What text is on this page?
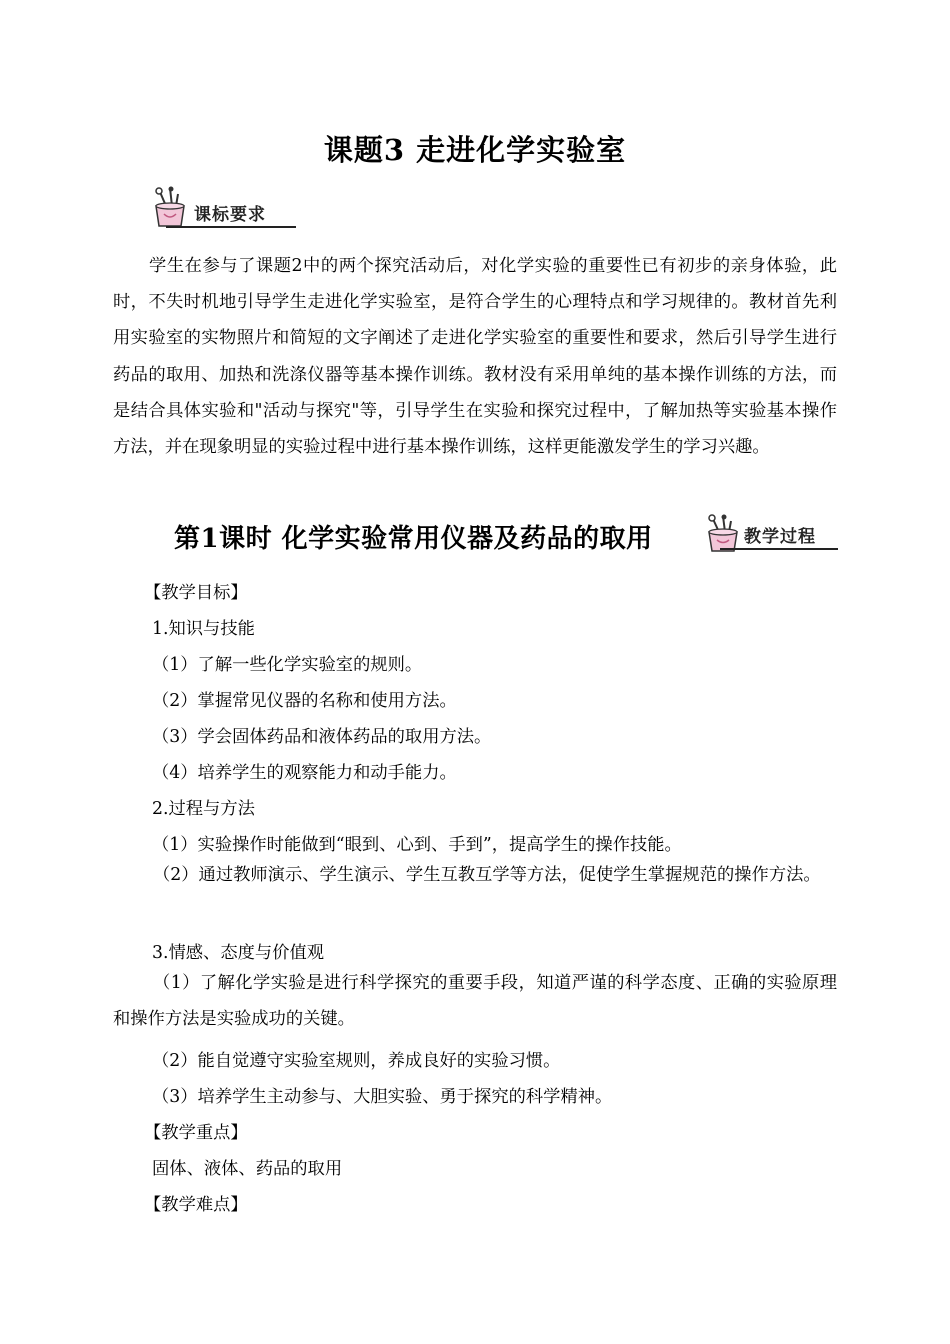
课题3 走进化学实验室
课标要求

学生在参与了课题2中的两个探究活动后，对化学实验的重要性已有初步的亲身体验，此时，不失时机地引导学生走进化学实验室，是符合学生的心理特点和学习规律的。教材首先利用实验室的实物照片和简短的文字阐述了走进化学实验室的重要性和要求，然后引导学生进行药品的取用、加热和洗涤仪器等基本操作训练。教材没有采用单纯的基本操作训练的方法，而是结合具体实验和"活动与探究"等，引导学生在实验和探究过程中，了解加热等实验基本操作方法，并在现象明显的实验过程中进行基本操作训练，这样更能激发学生的学习兴趣。

第1课时 化学实验常用仪器及药品的取用	教学过程
【教学目标】
1.知识与技能
（1）了解一些化学实验室的规则。
（2）掌握常见仪器的名称和使用方法。
（3）学会固体药品和液体药品的取用方法。
（4）培养学生的观察能力和动手能力。
2.过程与方法
（1）实验操作时能做到“眼到、心到、手到”，提高学生的操作技能。

（2）通过教师演示、学生演示、学生互教互学等方法，促使学生掌握规范的操作方法。

3.情感、态度与价值观

（1）了解化学实验是进行科学探究的重要手段，知道严谨的科学态度、正确的实验原理和操作方法是实验成功的关键。

（2）能自觉遵守实验室规则，养成良好的实验习惯。
（3）培养学生主动参与、大胆实验、勇于探究的科学精神。
【教学重点】
固体、液体、药品的取用
【教学难点】
